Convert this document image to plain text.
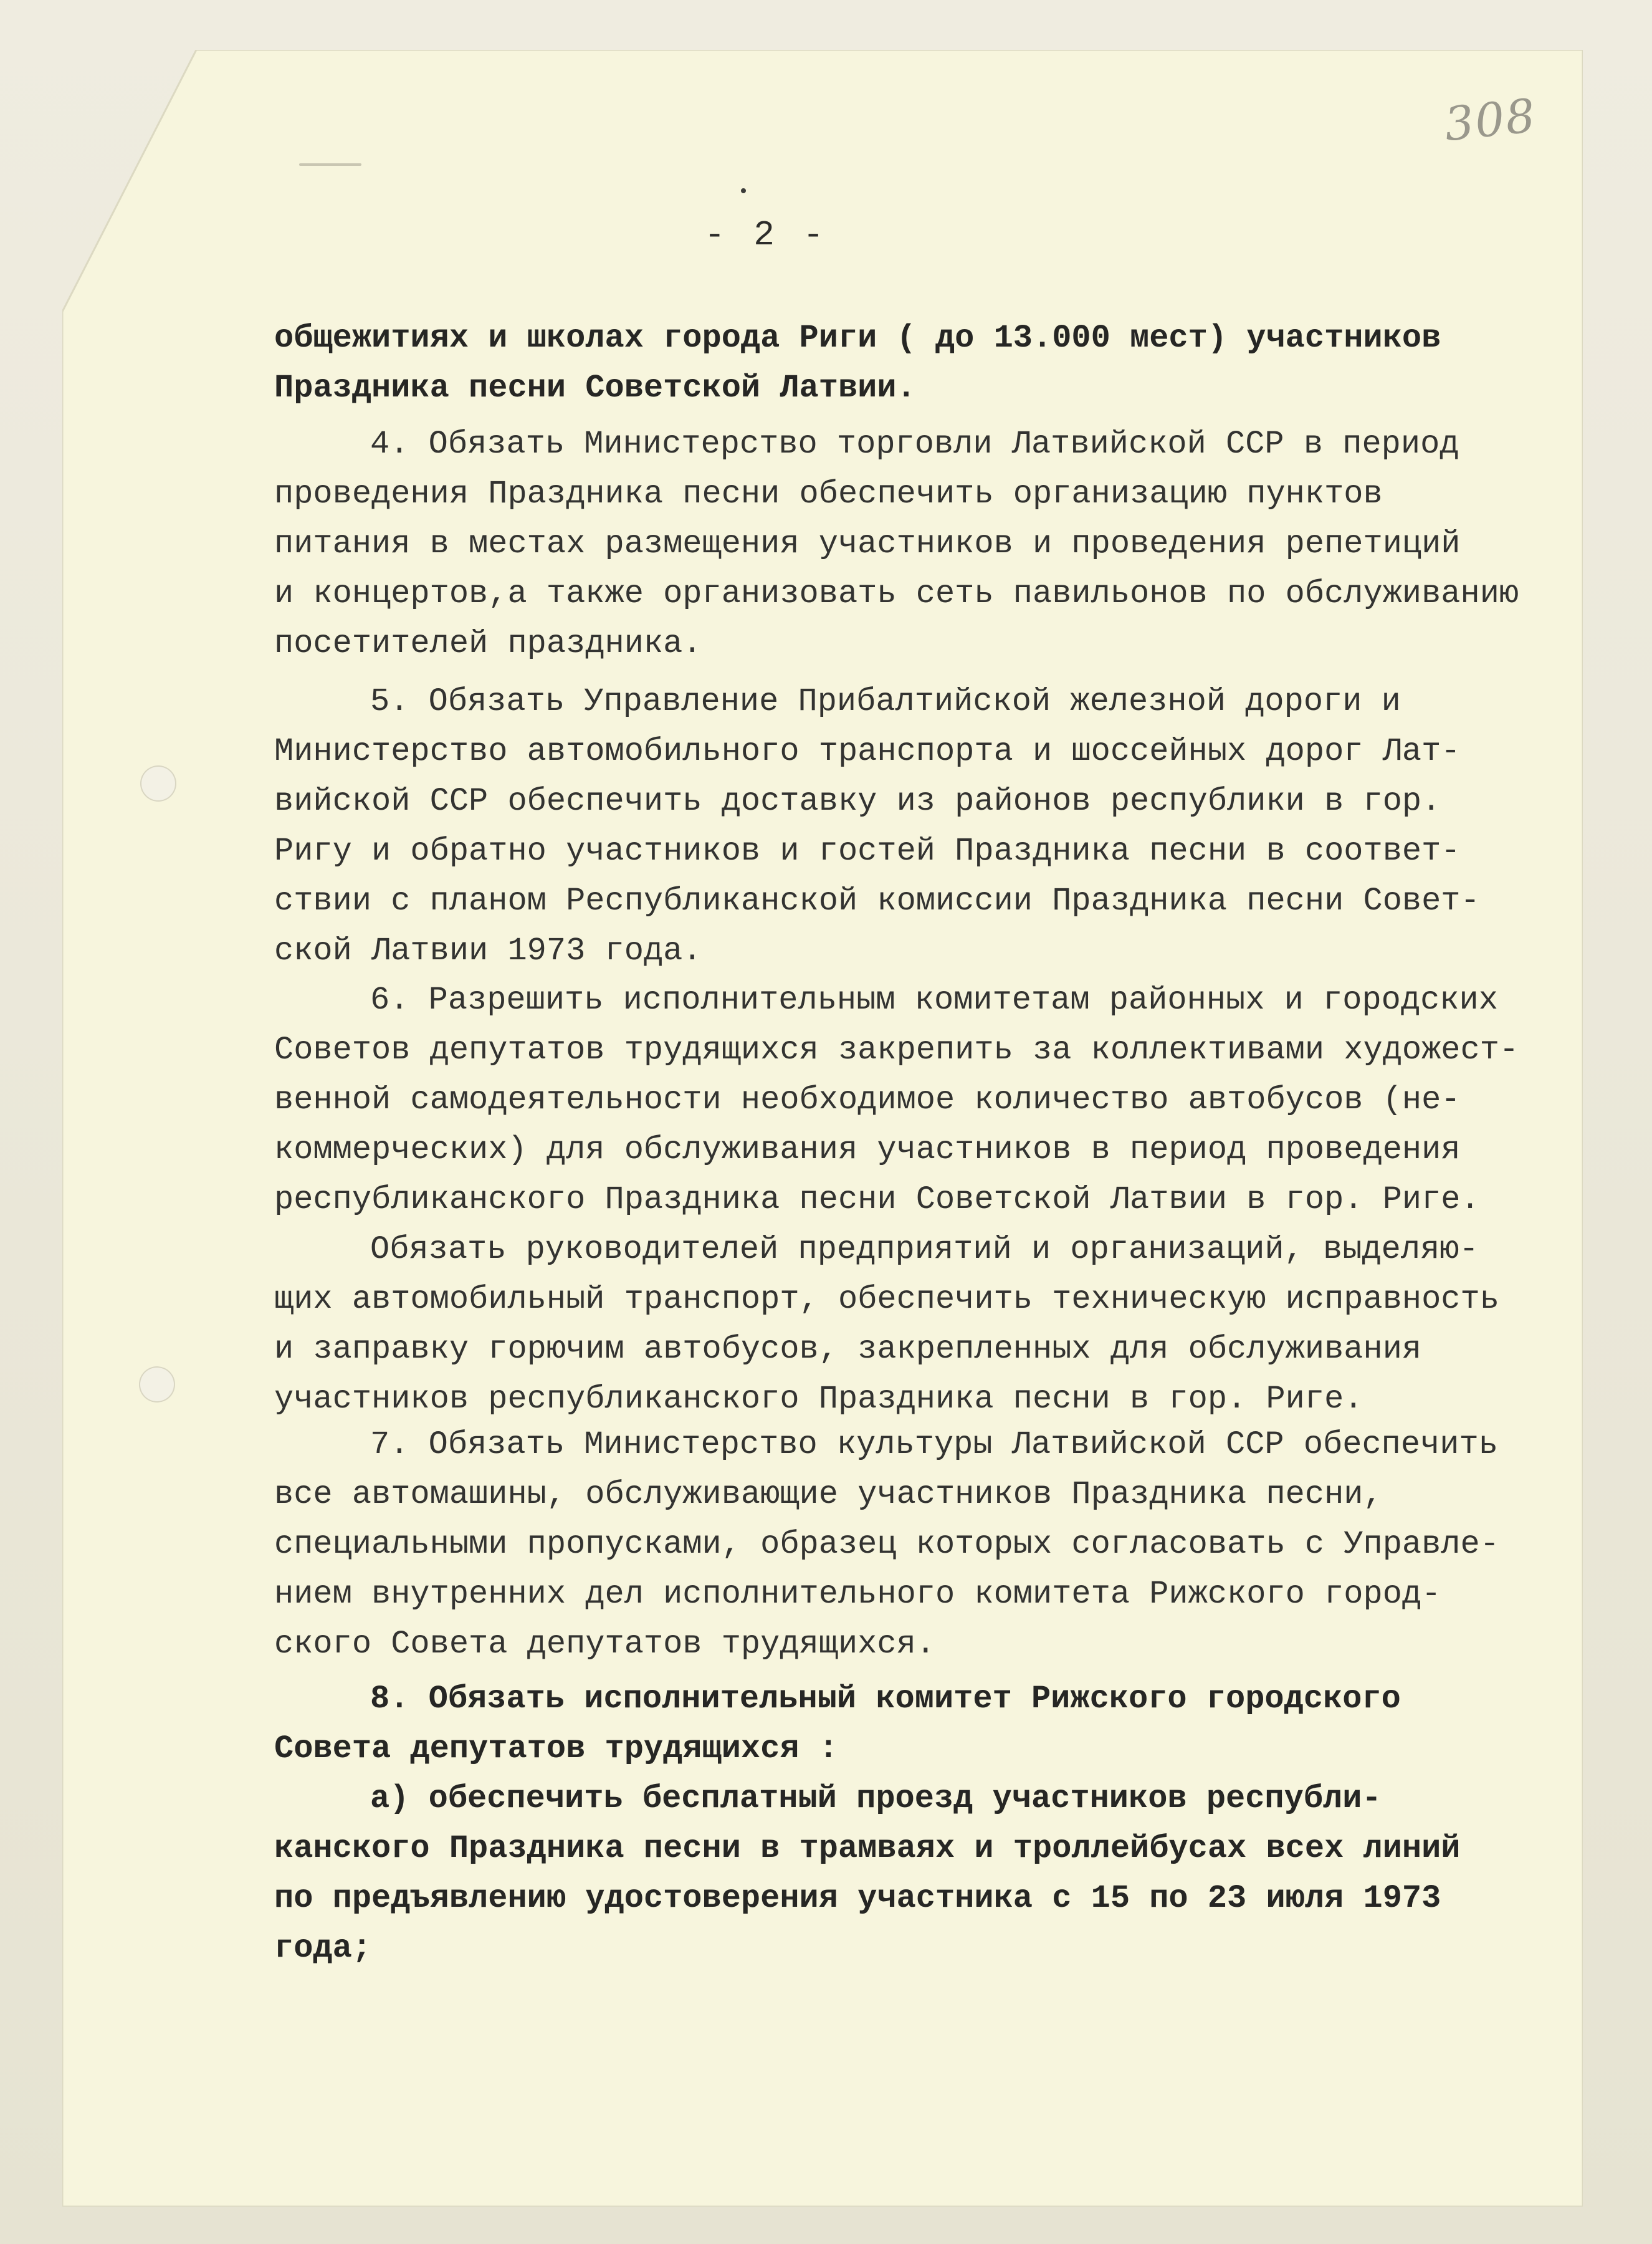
308
- 2 -
общежитиях и школах города Риги ( до 13.000 мест) участников
Праздника песни Советской Латвии.
4. Обязать Министерство торговли Латвийской ССР в период
проведения Праздника песни обеспечить организацию пунктов
питания в местах размещения участников и проведения репетиций
и концертов,а также организовать сеть павильонов по обслуживанию
посетителей праздника.
5. Обязать Управление Прибалтийской железной дороги и
Министерство автомобильного транспорта и шоссейных дорог Лат-
вийской ССР обеспечить доставку из районов республики в гор.
Ригу и обратно участников и гостей Праздника песни в соответ-
ствии с планом Республиканской комиссии Праздника песни Совет-
ской Латвии 1973 года.
6. Разрешить исполнительным комитетам районных и городских
Советов депутатов трудящихся закрепить за коллективами художест-
венной самодеятельности необходимое количество автобусов (не-
коммерческих) для обслуживания участников в период проведения
республиканского Праздника песни Советской Латвии в гор. Риге.
Обязать руководителей предприятий и организаций, выделяю-
щих автомобильный транспорт, обеспечить техническую исправность
и заправку горючим автобусов, закрепленных для обслуживания
участников республиканского Праздника песни в гор. Риге.
7. Обязать Министерство культуры Латвийской ССР обеспечить
все автомашины, обслуживающие участников Праздника песни,
специальными пропусками, образец которых согласовать с Управле-
нием внутренних дел исполнительного комитета Рижского город-
ского Совета депутатов трудящихся.
8. Обязать исполнительный комитет Рижского городского
Совета депутатов трудящихся :
а) обеспечить бесплатный проезд участников республи-
канского Праздника песни в трамваях и троллейбусах всех линий
по предъявлению удостоверения участника с 15 по 23 июля 1973
года;
